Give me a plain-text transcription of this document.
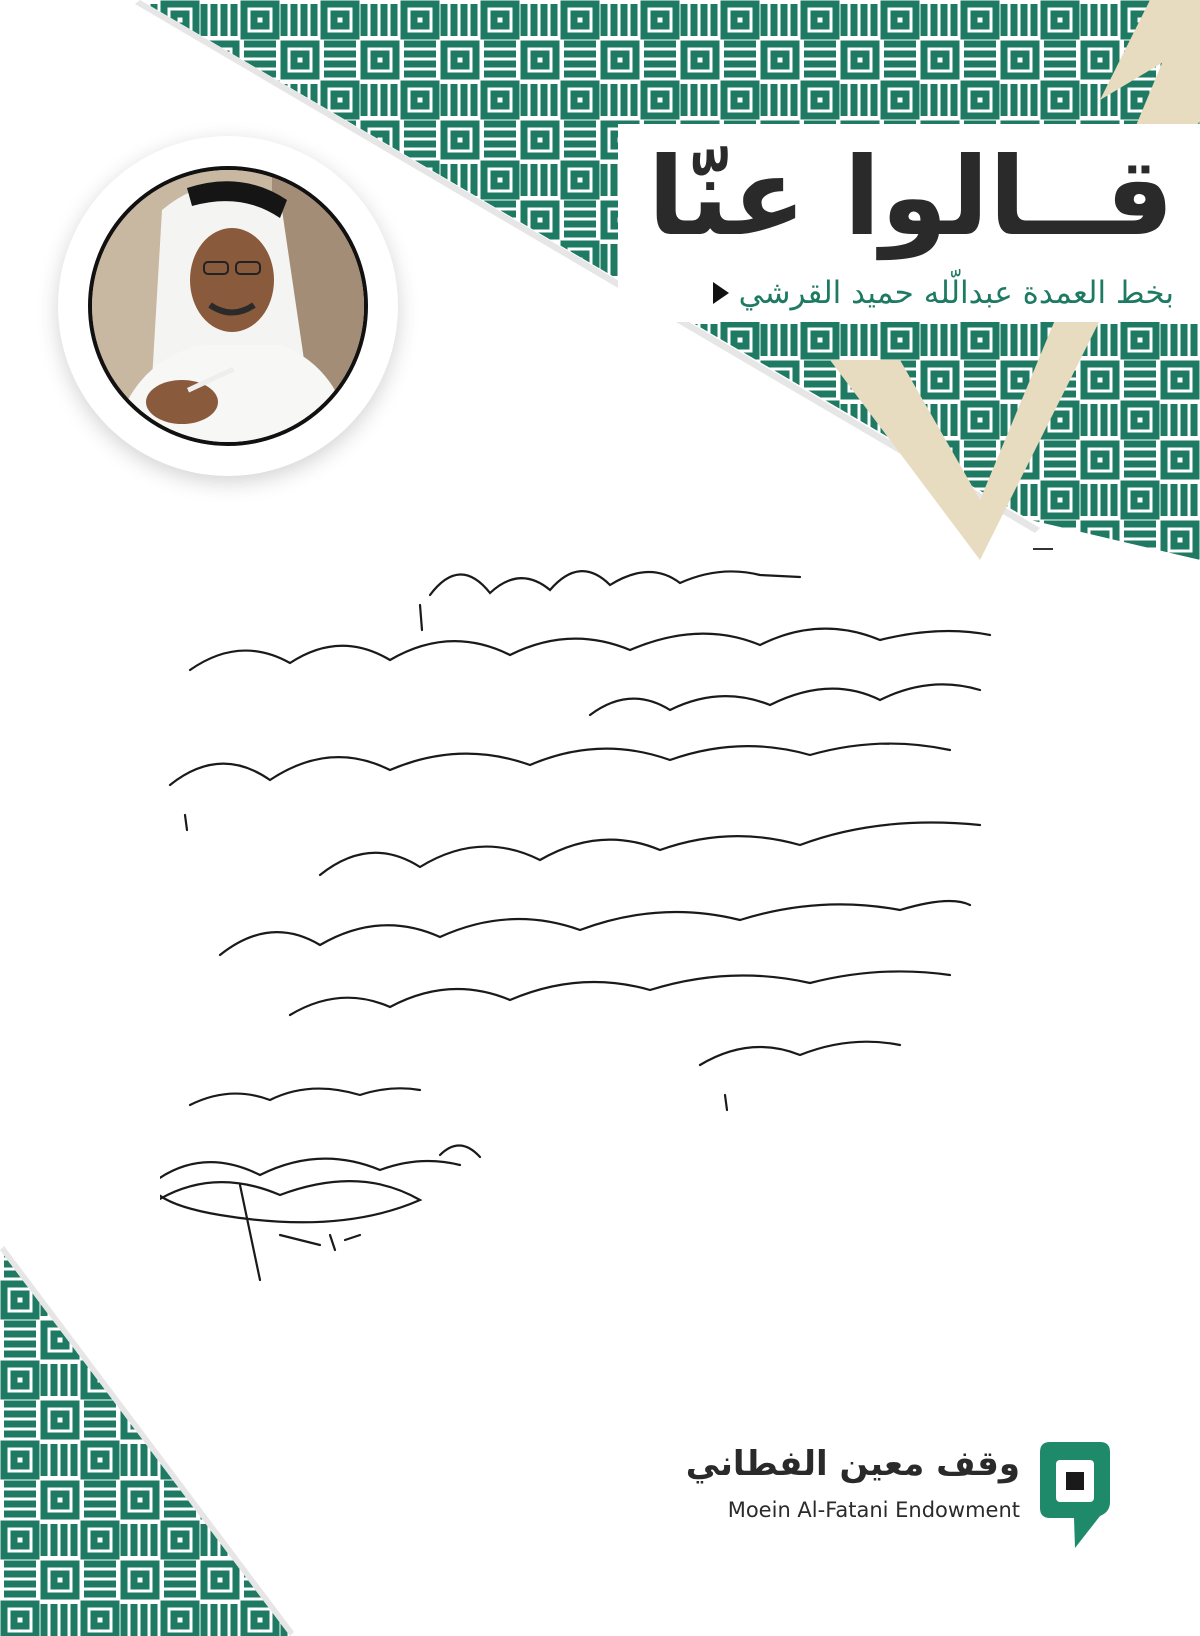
قــالوا عنّا
بخط العمدة عبدالّله حميد القرشي
وقف معين الفطاني
Moein Al-Fatani Endowment
